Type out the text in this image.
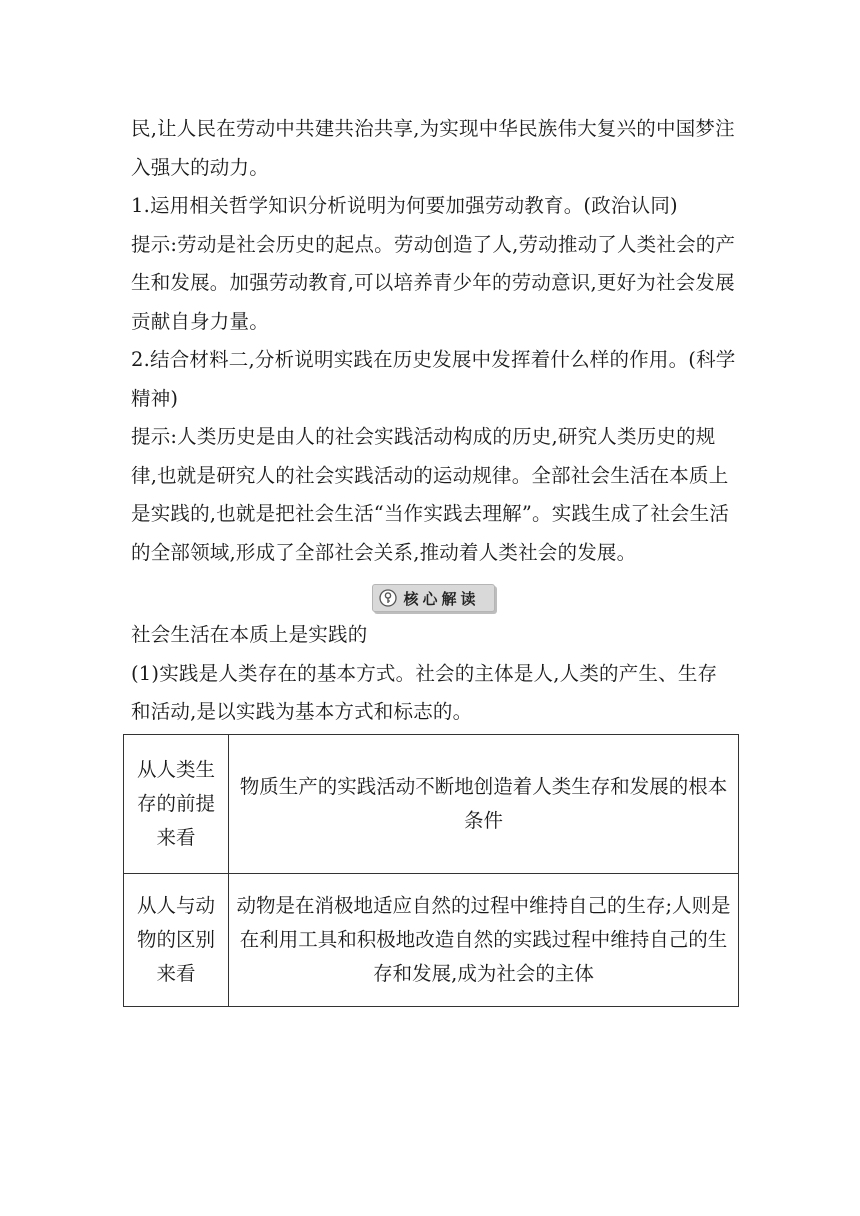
民,让人民在劳动中共建共治共享,为实现中华民族伟大复兴的中国梦注入强大的动力。

1.运用相关哲学知识分析说明为何要加强劳动教育。(政治认同)

提示:劳动是社会历史的起点。劳动创造了人,劳动推动了人类社会的产生和发展。加强劳动教育,可以培养青少年的劳动意识,更好为社会发展贡献自身力量。

2.结合材料二,分析说明实践在历史发展中发挥着什么样的作用。(科学精神)

提示:人类历史是由人的社会实践活动构成的历史,研究人类历史的规律,也就是研究人的社会实践活动的运动规律。全部社会生活在本质上是实践的,也就是把社会生活“当作实践去理解”。实践生成了社会生活的全部领域,形成了全部社会关系,推动着人类社会的发展。

核心解读

社会生活在本质上是实践的

(1)实践是人类存在的基本方式。社会的主体是人,人类的产生、生存和活动,是以实践为基本方式和标志的。

从人类生存的前提来看	物质生产的实践活动不断地创造着人类生存和发展的根本条件
从人与动物的区别来看	动物是在消极地适应自然的过程中维持自己的生存;人则是在利用工具和积极地改造自然的实践过程中维持自己的生存和发展,成为社会的主体
